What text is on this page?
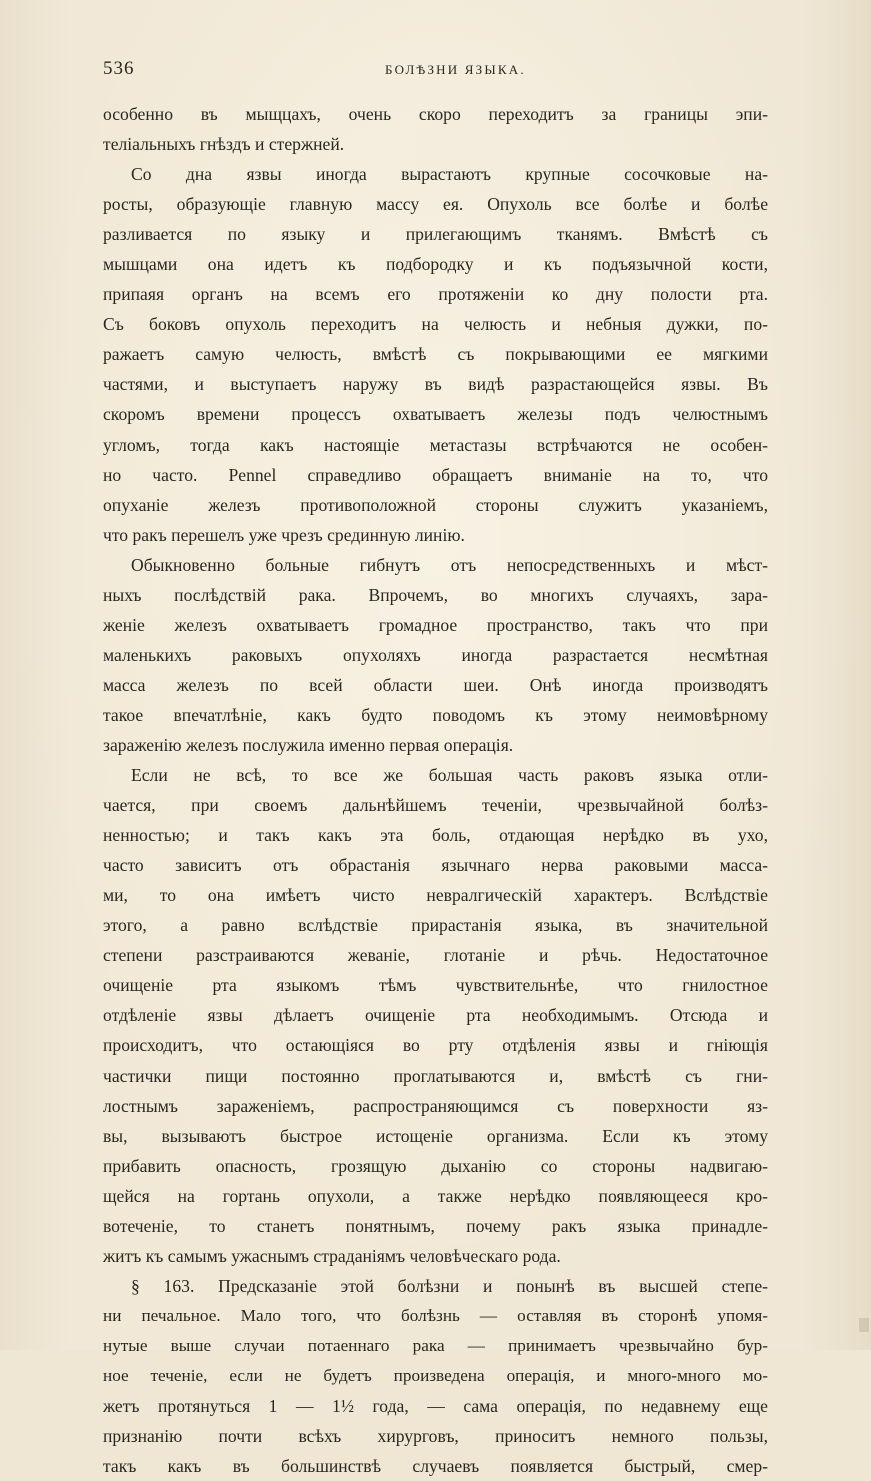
536	БОЛѢЗНИ ЯЗЫКА.
особенно въ мыщцахъ, очень скоро переходитъ за границы эпи-
теліальныхъ гнѣздъ и стержней.
Со дна язвы иногда вырастаютъ крупные сосочковые на-
росты, образующіе главную массу ея. Опухоль все болѣе и болѣе
разливается по языку и прилегающимъ тканямъ. Вмѣстѣ съ
мышцами она идетъ къ подбородку и къ подъязычной кости,
припаяя органъ на всемъ его протяженіи ко дну полости рта.
Съ боковъ опухоль переходитъ на челюсть и небныя дужки, по-
ражаетъ самую челюсть, вмѣстѣ съ покрывающими ее мягкими
частями, и выступаетъ наружу въ видѣ разрастающейся язвы. Въ
скоромъ времени процессъ охватываетъ железы подъ челюстнымъ
угломъ, тогда какъ настоящіе метастазы встрѣчаются не особен-
но часто. Pennel справедливо обращаетъ вниманіе на то, что
опуханіе железъ противоположной стороны служитъ указаніемъ,
что ракъ перешелъ уже чрезъ срединную линію.
Обыкновенно больные гибнутъ отъ непосредственныхъ и мѣст-
ныхъ послѣдствій рака. Впрочемъ, во многихъ случаяхъ, зара-
женіе железъ охватываетъ громадное пространство, такъ что при
маленькихъ раковыхъ опухоляхъ иногда разрастается несмѣтная
масса железъ по всей области шеи. Онѣ иногда производятъ
такое впечатлѣніе, какъ будто поводомъ къ этому неимовѣрному
зараженію железъ послужила именно первая операція.
Если не всѣ, то все же большая часть раковъ языка отли-
чается, при своемъ дальнѣйшемъ теченіи, чрезвычайной болѣз-
ненностью; и такъ какъ эта боль, отдающая нерѣдко въ ухо,
часто зависитъ отъ обрастанія язычнаго нерва раковыми масса-
ми, то она имѣетъ чисто невралгическій характеръ. Вслѣдствіе
этого, а равно вслѣдствіе прирастанія языка, въ значительной
степени разстраиваются жеваніе, глотаніе и рѣчь. Недостаточное
очищеніе рта языкомъ тѣмъ чувствительнѣе, что гнилостное
отдѣленіе язвы дѣлаетъ очищеніе рта необходимымъ. Отсюда и
происходитъ, что остающіяся во рту отдѣленія язвы и гніющія
частички пищи постоянно проглатываются и, вмѣстѣ съ гни-
лостнымъ зараженіемъ, распространяющимся съ поверхности яз-
вы, вызываютъ быстрое истощеніе организма. Если къ этому
прибавить опасность, грозящую дыханію со стороны надвигаю-
щейся на гортань опухоли, а также нерѣдко появляющееся кро-
вотеченіе, то станетъ понятнымъ, почему ракъ языка принадле-
житъ къ самымъ ужаснымъ страданіямъ человѣческаго рода.
§ 163. Предсказаніе этой болѣзни и понынѣ въ высшей степе-
ни печальное. Мало того, что болѣзнь — оставляя въ сторонѣ упомя-
нутые выше случаи потаеннаго рака — принимаетъ чрезвычайно бур-
ное теченіе, если не будетъ произведена операція, и много-много мо-
жетъ протянуться 1 — 1½ года, — сама операція, по недавнему еще
признанію почти всѣхъ хирурговъ, приноситъ немного пользы,
такъ какъ въ большинствѣ случаевъ появляется быстрый, смер-
